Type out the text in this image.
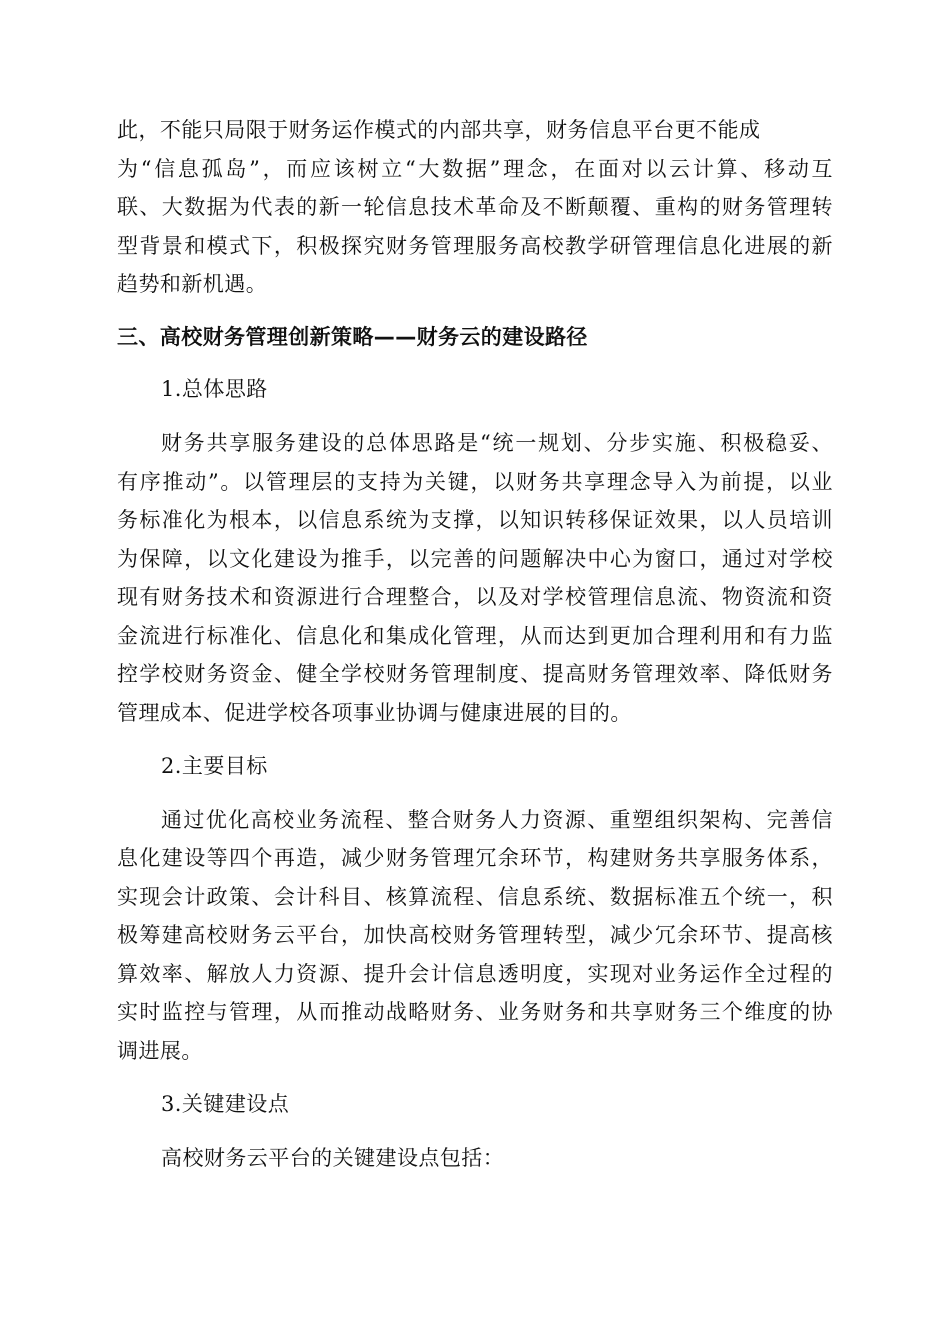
此，不能只局限于财务运作模式的内部共享，财务信息平台更不能成
为“信息孤岛”，而应该树立“大数据”理念，在面对以云计算、移动互
联、大数据为代表的新一轮信息技术革命及不断颠覆、重构的财务管理转
型背景和模式下，积极探究财务管理服务高校教学研管理信息化进展的新
趋势和新机遇。
三、高校财务管理创新策略——财务云的建设路径
1.总体思路
财务共享服务建设的总体思路是“统一规划、分步实施、积极稳妥、
有序推动”。以管理层的支持为关键，以财务共享理念导入为前提，以业
务标准化为根本，以信息系统为支撑，以知识转移保证效果，以人员培训
为保障，以文化建设为推手，以完善的问题解决中心为窗口，通过对学校
现有财务技术和资源进行合理整合，以及对学校管理信息流、物资流和资
金流进行标准化、信息化和集成化管理，从而达到更加合理利用和有力监
控学校财务资金、健全学校财务管理制度、提高财务管理效率、降低财务
管理成本、促进学校各项事业协调与健康进展的目的。
2.主要目标
通过优化高校业务流程、整合财务人力资源、重塑组织架构、完善信
息化建设等四个再造，减少财务管理冗余环节，构建财务共享服务体系，
实现会计政策、会计科目、核算流程、信息系统、数据标准五个统一，积
极筹建高校财务云平台，加快高校财务管理转型，减少冗余环节、提高核
算效率、解放人力资源、提升会计信息透明度，实现对业务运作全过程的
实时监控与管理，从而推动战略财务、业务财务和共享财务三个维度的协
调进展。
3.关键建设点
高校财务云平台的关键建设点包括：
